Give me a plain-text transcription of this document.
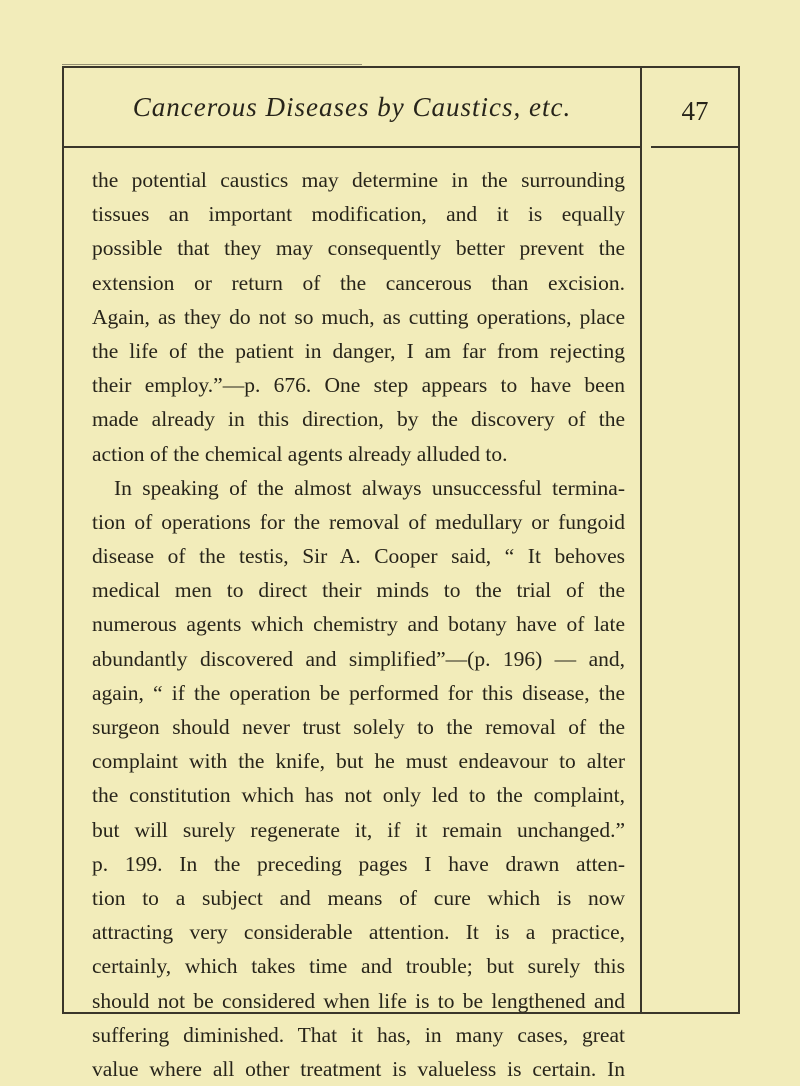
Cancerous Diseases by Caustics, etc.	47
the potential caustics may determine in the surrounding
tissues an important modification, and it is equally
possible that they may consequently better prevent the
extension or return of the cancerous than excision.
Again, as they do not so much, as cutting operations, place
the life of the patient in danger, I am far from rejecting
their employ.”—p. 676. One step appears to have been
made already in this direction, by the discovery of the
action of the chemical agents already alluded to.
In speaking of the almost always unsuccessful termina-
tion of operations for the removal of medullary or fungoid
disease of the testis, Sir A. Cooper said, “ It behoves
medical men to direct their minds to the trial of the
numerous agents which chemistry and botany have of late
abundantly discovered and simplified”—(p. 196) — and,
again, “ if the operation be performed for this disease, the
surgeon should never trust solely to the removal of the
complaint with the knife, but he must endeavour to alter
the constitution which has not only led to the complaint,
but will surely regenerate it, if it remain unchanged.”
p. 199. In the preceding pages I have drawn atten-
tion to a subject and means of cure which is now
attracting very considerable attention. It is a practice,
certainly, which takes time and trouble; but surely this
should not be considered when life is to be lengthened and
suffering diminished. That it has, in many cases, great
value where all other treatment is valueless is certain. In
